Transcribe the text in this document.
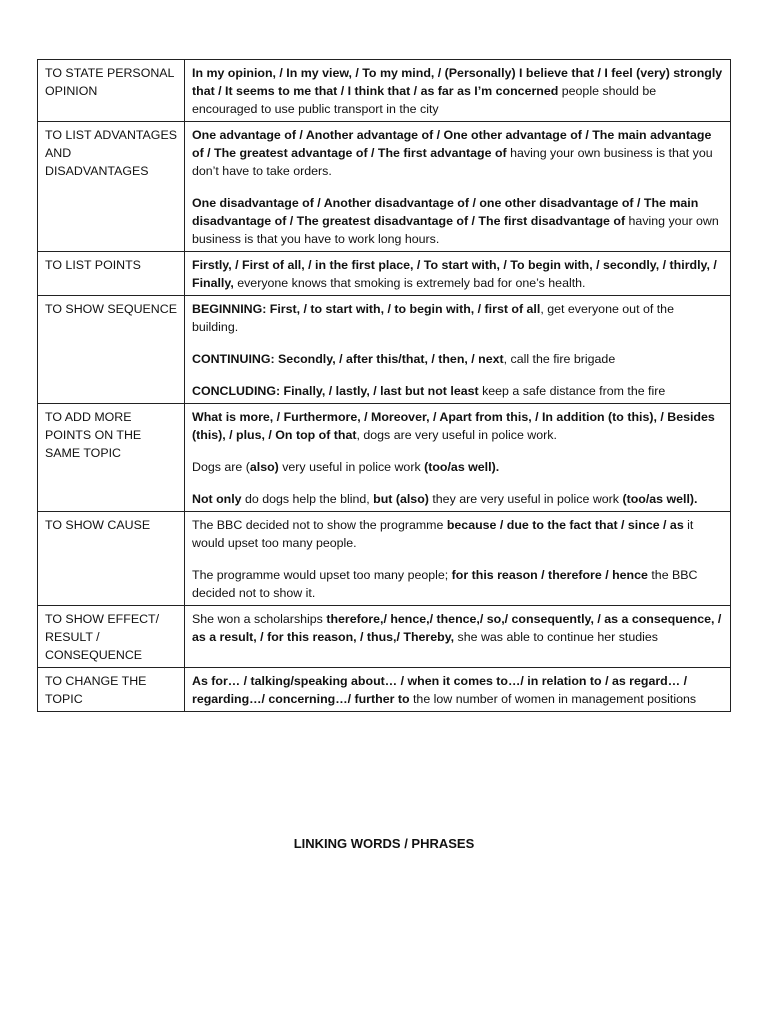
TO STATE PERSONAL OPINION	In my opinion, / In my view, / To my mind, / (Personally) I believe that / I feel (very) strongly that / It seems to me that / I think that / as far as I’m concerned people should be encouraged to use public transport in the city

TO LIST ADVANTAGES AND DISADVANTAGES	One advantage of / Another advantage of / One other advantage of / The main advantage of / The greatest advantage of / The first advantage of having your own business is that you don’t have to take orders.
One disadvantage of / Another disadvantage of / one other disadvantage of / The main disadvantage of / The greatest disadvantage of / The first disadvantage of having your own business is that you have to work long hours.

TO LIST POINTS	Firstly, / First of all, / in the first place, / To start with, / To begin with, / secondly, / thirdly, / Finally, everyone knows that smoking is extremely bad for one’s health.

TO SHOW SEQUENCE	BEGINNING: First, / to start with, / to begin with, / first of all, get everyone out of the building.
CONTINUING: Secondly, / after this/that, / then, / next, call the fire brigade
CONCLUDING: Finally, / lastly, / last but not least keep a safe distance from the fire

TO ADD MORE POINTS ON THE SAME TOPIC	What is more, / Furthermore, / Moreover, / Apart from this, / In addition (to this), / Besides (this), / plus, / On top of that, dogs are very useful in police work.
Dogs are (also) very useful in police work (too/as well).
Not only do dogs help the blind, but (also) they are very useful in police work (too/as well).

TO SHOW CAUSE	The BBC decided not to show the programme because / due to the fact that / since / as it would upset too many people.
The programme would upset too many people; for this reason / therefore / hence the BBC decided not to show it.

TO SHOW EFFECT/ RESULT / CONSEQUENCE	She won a scholarships therefore,/ hence,/ thence,/ so,/ consequently, / as a consequence, / as a result, / for this reason, / thus,/ Thereby, she was able to continue her studies

TO CHANGE THE TOPIC	As for… / talking/speaking about… / when it comes to…/ in relation to / as regard… / regarding…/ concerning…/ further to the low number of women in management positions
LINKING WORDS / PHRASES
